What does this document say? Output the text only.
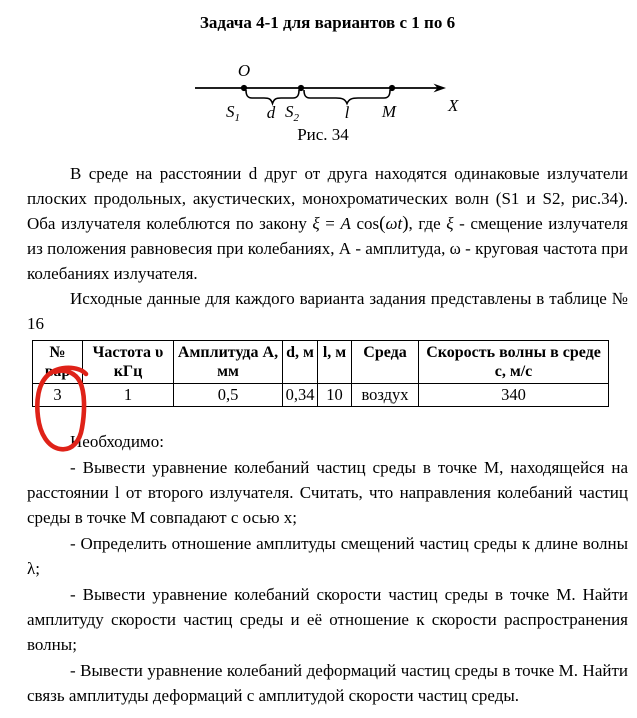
Задача 4-1 для вариантов с 1 по 6
O
$S_1$ d $S_2$	l M	X
Рис. 34

В среде на расстоянии d друг от друга находятся одинаковые излучатели плоских продольных, акустических, монохроматических волн (S1 и S2, рис.34). Оба излучателя колеблются по закону ξ = A cos(ωt), где ξ - смещение излучателя из положения равновесия при колебаниях, А - амплитуда, ω - круговая частота при колебаниях излучателя.

Исходные данные для каждого варианта задания представлены в таблице № 16

№ вар	Частота υ кГц	Амплитуда А, мм	d, м	l, м	Среда	Скорость волны в среде с, м/с
3	1	0,5	0,34	10	воздух	340

Необходимо:

- Вывести уравнение колебаний частиц среды в точке М, находящейся на расстоянии l от второго излучателя. Считать, что направления колебаний частиц среды в точке М совпадают с осью x;

- Определить отношение амплитуды смещений частиц среды к длине волны λ;

- Вывести уравнение колебаний скорости частиц среды в точке М. Найти амплитуду скорости частиц среды и её отношение к скорости распространения волны;

- Вывести уравнение колебаний деформаций частиц среды в точке М. Найти связь амплитуды деформаций с амплитудой скорости частиц среды.
